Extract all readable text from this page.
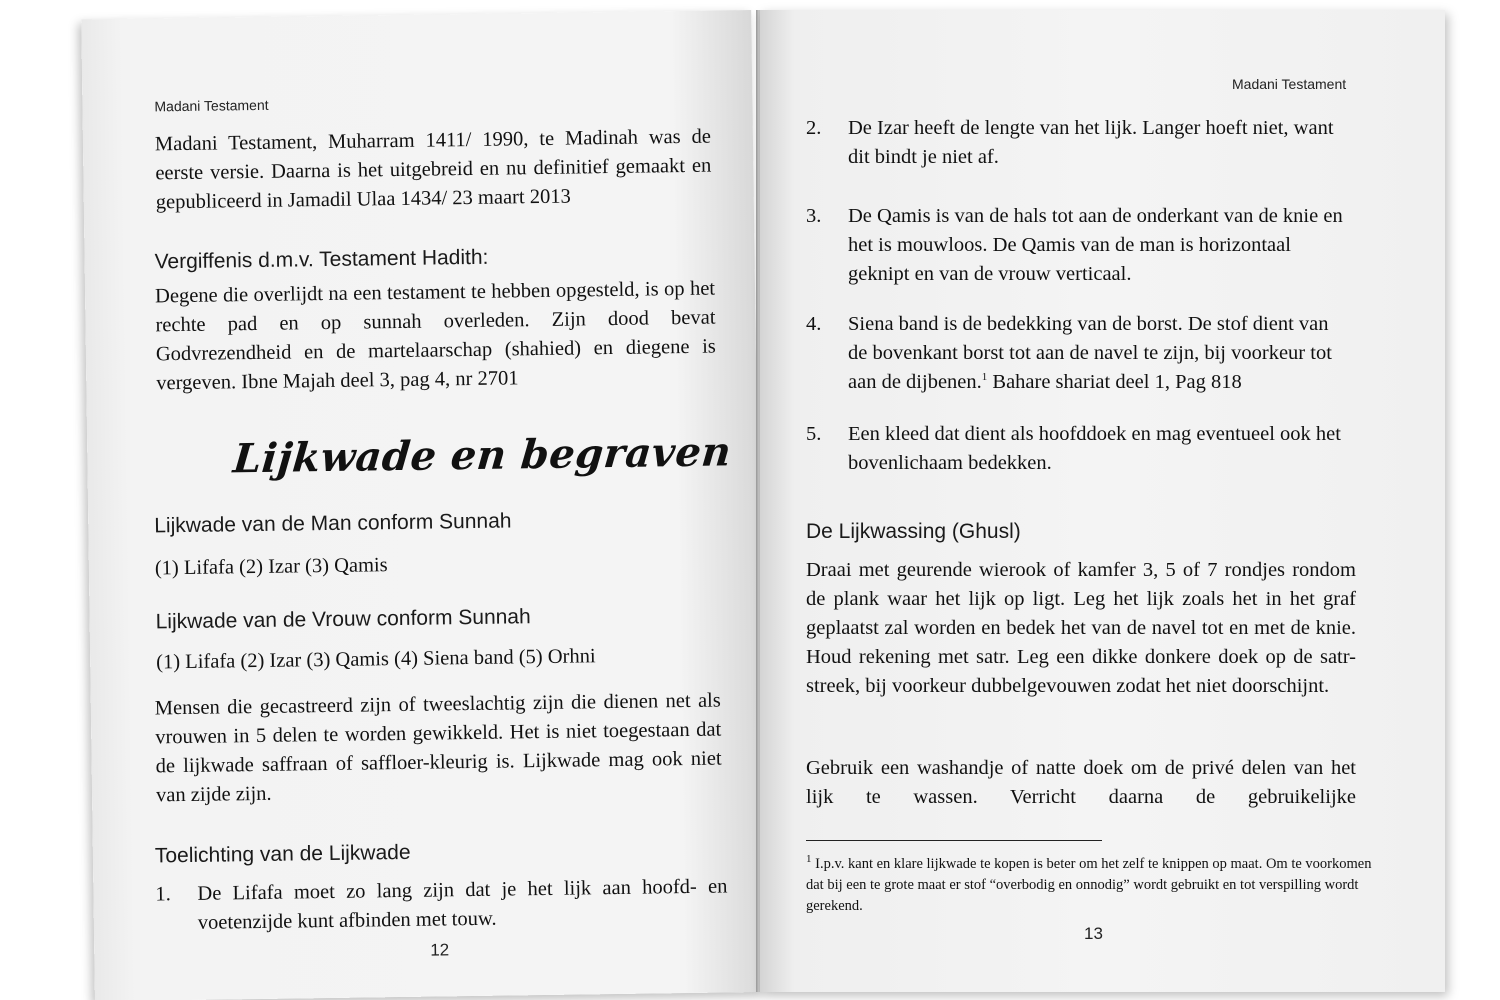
Madani Testament
Madani Testament, Muharram 1411/ 1990, te Madinah was de eerste versie. Daarna is het uitgebreid en nu definitief gemaakt en gepubliceerd in Jamadil Ulaa 1434/ 23 maart 2013
Vergiffenis d.m.v. Testament Hadith:
Degene die overlijdt na een testament te hebben opgesteld, is op het rechte pad en op sunnah overleden. Zijn dood bevat Godvrezendheid en de martelaarschap (shahied) en diegene is vergeven. Ibne Majah deel 3, pag 4, nr 2701
Lijkwade en begraven
Lijkwade van de Man conform Sunnah
(1) Lifafa (2) Izar (3) Qamis
Lijkwade van de Vrouw conform Sunnah
(1) Lifafa (2) Izar (3) Qamis (4) Siena band (5) Orhni
Mensen die gecastreerd zijn of tweeslachtig zijn die dienen net als vrouwen in 5 delen te worden gewikkeld. Het is niet toegestaan dat de lijkwade saffraan of saffloer-kleurig is. Lijkwade mag ook niet van zijde zijn.
Toelichting van de Lijkwade
1. De Lifafa moet zo lang zijn dat je het lijk aan hoofd- en voetenzijde kunt afbinden met touw.
12
Madani Testament
2. De Izar heeft de lengte van het lijk. Langer hoeft niet, want dit bindt je niet af.
3. De Qamis is van de hals tot aan de onderkant van de knie en het is mouwloos. De Qamis van de man is horizontaal geknipt en van de vrouw verticaal.
4. Siena band is de bedekking van de borst. De stof dient van de bovenkant borst tot aan de navel te zijn, bij voorkeur tot aan de dijbenen.$^1$ Bahare shariat deel 1, Pag 818
5. Een kleed dat dient als hoofddoek en mag eventueel ook het bovenlichaam bedekken.
De Lijkwassing (Ghusl)
Draai met geurende wierook of kamfer 3, 5 of 7 rondjes rondom de plank waar het lijk op ligt. Leg het lijk zoals het in het graf geplaatst zal worden en bedek het van de navel tot en met de knie. Houd rekening met satr. Leg een dikke donkere doek op de satr-streek, bij voorkeur dubbelgevouwen zodat het niet doorschijnt.
Gebruik een washandje of natte doek om de privé delen van het lijk te wassen. Verricht daarna de gebruikelijke
$^1$ I.p.v. kant en klare lijkwade te kopen is beter om het zelf te knippen op maat. Om te voorkomen dat bij een te grote maat er stof “overbodig en onnodig” wordt gebruikt en tot verspilling wordt gerekend.
13
